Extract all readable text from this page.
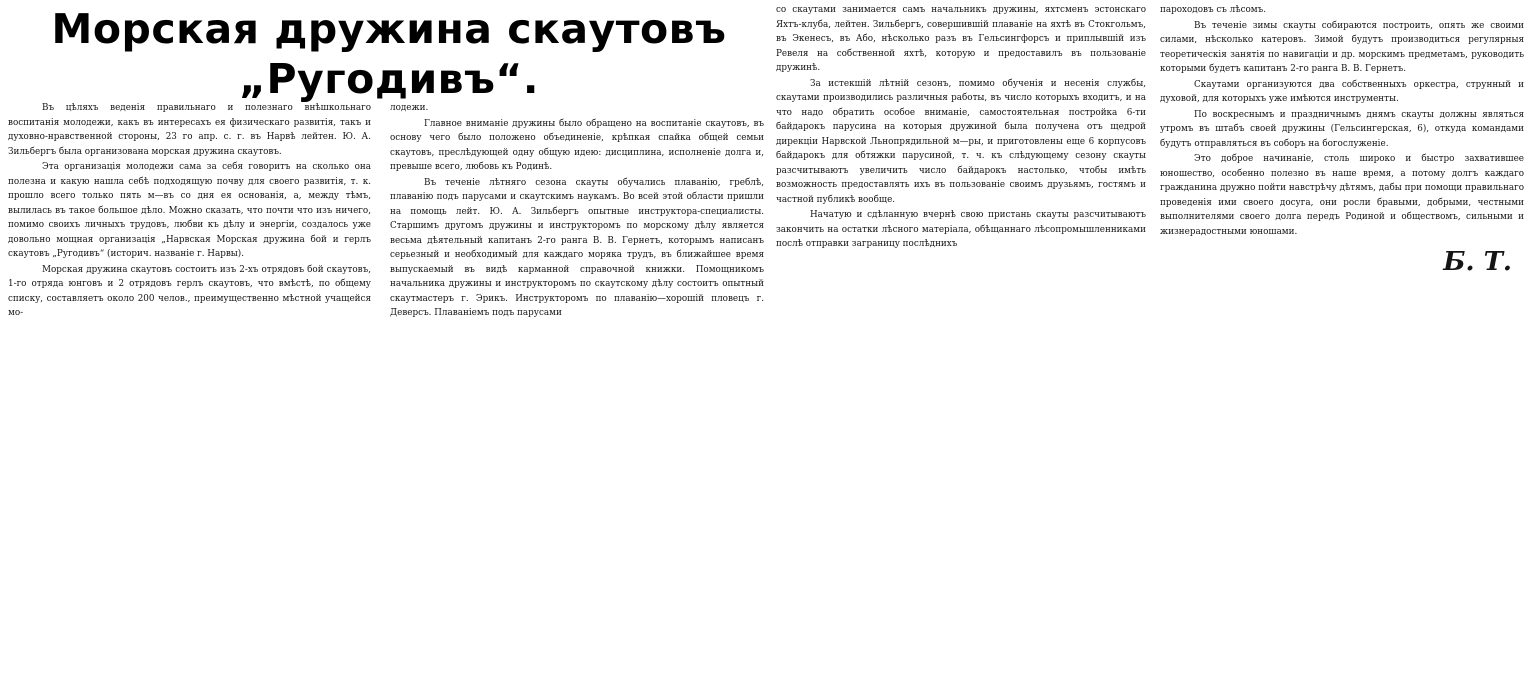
Морская дружина скаутовъ
„Ругодивъ“.

Въ цѣляхъ веденія правильнаго и полезнаго внѣшкольнаго воспитанія молодежи, какъ въ интересахъ ея физическаго развитія, такъ и духовно-нравственной стороны, 23 го апр. с. г. въ Нарвѣ лейтен. Ю. А. Зильбергъ была организована морская дружина скаутовъ.

Эта организація молодежи сама за себя говоритъ на сколько она полезна и какую нашла себѣ подходящую почву для своего развитія, т. к. прошло всего только пять м—въ со дня ея основанія, а, между тѣмъ, вылилась въ такое большое дѣло. Можно сказать, что почти что изъ ничего, помимо своихъ личныхъ трудовъ, любви къ дѣлу и энергіи, создалось уже довольно мощная организація „Нарвская Морская дружина бой и герлъ скаутовъ „Ругодивъ“ (историч. названіе г. Нарвы).

Морская дружина скаутовъ состоитъ изъ 2-хъ отрядовъ бой скаутовъ, 1-го отряда юнговъ и 2 отрядовъ герлъ скаутовъ, что вмѣстѣ, по общему списку, составляетъ около 200 челов., преимущественно мѣстной учащейся мо-

лодежи.

Главное вниманіе дружины было обращено на воспитаніе скаутовъ, въ основу чего было положено объединеніе, крѣпкая спайка общей семьи скаутовъ, преслѣдующей одну общую идею: дисциплина, исполненіе долга и, превыше всего, любовь къ Родинѣ.

Въ теченіе лѣтняго сезона скауты обучались плаванію, греблѣ, плаванію подъ парусами и скаутскимъ наукамъ. Во всей этой области пришли на помощь лейт. Ю. А. Зильбергъ опытные инструктора-специалисты. Старшимъ другомъ дружины и инструкторомъ по морскому дѣлу является весьма дѣятельный капитанъ 2-го ранга В. В. Гернетъ, которымъ написанъ серьезный и необходимый для каждаго моряка трудъ, въ ближайшее время выпускаемый въ видѣ карманной справочной книжки. Помощникомъ начальника дружины и инструкторомъ по скаутскому дѣлу состоитъ опытный скаутмастеръ г. Эрикъ. Инструкторомъ по плаванію—хорошій пловецъ г. Деверсъ. Плаваніемъ подъ парусами

со скаутами занимается самъ начальникъ дружины, яхтсменъ эстонскаго Яхтъ-клуба, лейтен. Зильбергъ, совершившій плаваніе на яхтѣ въ Стокгольмъ, въ Экенесъ, въ Або, нѣсколько разъ въ Гельсингфорсъ и приплывшій изъ Ревеля на собственной яхтѣ, которую и предоставилъ въ пользованіе дружинѣ.

За истекшій лѣтній сезонъ, помимо обученія и несенія службы, скаутами производились различныя работы, въ число которыхъ входитъ, и на что надо обратить особое вниманіе, самостоятельная постройка 6-ти байдарокъ парусина на которыя дружиной была получена отъ щедрой дирекціи Нарвской Льнопрядильной м—ры, и приготовлены еще 6 корпусовъ байдарокъ для обтяжки парусиной, т. ч. къ слѣдующему сезону скауты разсчитываютъ увеличить число байдарокъ настолько, чтобы имѣть возможность предоставлять ихъ въ пользованіе своимъ друзьямъ, гостямъ и частной публикѣ вообще.

Начатую и сдѣланную вчернѣ свою пристань скауты разсчитываютъ закончить на остатки лѣсного матеріала, обѣщаннаго лѣсопромышленниками послѣ отправки заграницу послѣднихъ

пароходовъ съ лѣсомъ.

Въ теченіе зимы скауты собираются построить, опять же своими силами, нѣсколько катеровъ. Зимой будутъ производиться регулярныя теоретическія занятія по навигаціи и др. морскимъ предметамъ, руководить которыми будетъ капитанъ 2-го ранга В. В. Гернетъ.

Скаутами организуются два собственныхъ оркестра, струнный и духовой, для которыхъ уже имѣются инструменты.

По воскреснымъ и праздничнымъ днямъ скауты должны являться утромъ въ штабъ своей дружины (Гельсингерская, 6), откуда командами будутъ отправляться въ соборъ на богослуженіе.

Это доброе начинаніе, столь широко и быстро захватившее юношество, особенно полезно въ наше время, а потому долгъ каждаго гражданина дружно пойти навстрѣчу дѣтямъ, дабы при помощи правильнаго проведенія ими своего досуга, они росли бравыми, добрыми, честными выполнителями своего долга передъ Родиной и обществомъ, сильными и жизнерадостными юношами.

Б. Т.
